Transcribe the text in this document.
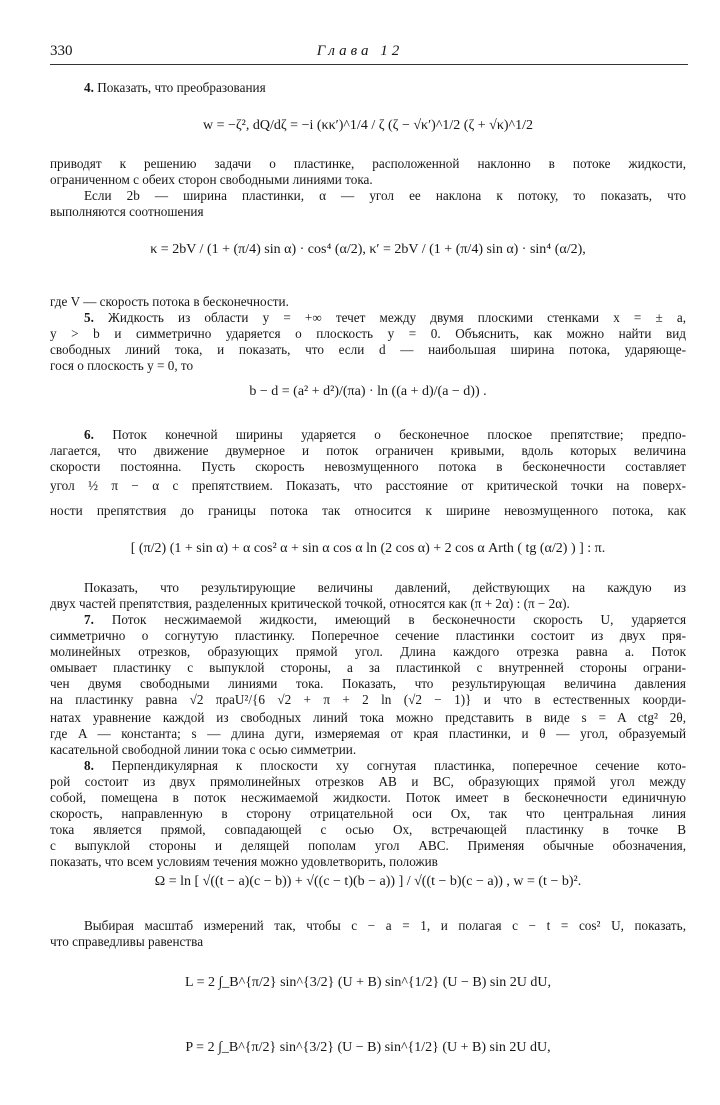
330	Глава 12

4. Показать, что преобразования

w = −ζ², dQ/dζ = −i (κκ′)^1/4 / ζ (ζ − √κ′)^1/2 (ζ + √κ)^1/2

приводят к решению задачи о пластинке, расположенной наклонно в потоке жидкости,

ограниченном с обеих сторон свободными линиями тока.

Если 2b — ширина пластинки, α — угол ее наклона к потоку, то показать, что

выполняются соотношения

κ = 2bV / (1 + (π/4) sin α) · cos⁴ (α/2), κ′ = 2bV / (1 + (π/4) sin α) · sin⁴ (α/2),

где V — скорость потока в бесконечности.

5. Жидкость из области y = +∞ течет между двумя плоскими стенками x = ± a,

y > b и симметрично ударяется о плоскость y = 0. Объяснить, как можно найти вид

свободных линий тока, и показать, что если d — наибольшая ширина потока, ударяюще-

гося о плоскость y = 0, то

b − d = (a² + d²)/(πa) · ln ((a + d)/(a − d)) .

6. Поток конечной ширины ударяется о бесконечное плоское препятствие; предпо-

лагается, что движение двумерное и поток ограничен кривыми, вдоль которых величина

скорости постоянна. Пусть скорость невозмущенного потока в бесконечности составляет

угол ½ π − α с препятствием. Показать, что расстояние от критической точки на поверх-

ности препятствия до границы потока так относится к ширине невозмущенного потока, как

[ (π/2) (1 + sin α) + α cos² α + sin α cos α ln (2 cos α) + 2 cos α Arth ( tg (α/2) ) ] : π.

Показать, что результирующие величины давлений, действующих на каждую из

двух частей препятствия, разделенных критической точкой, относятся как (π + 2α) : (π − 2α).

7. Поток несжимаемой жидкости, имеющий в бесконечности скорость U, ударяется

симметрично о согнутую пластинку. Поперечное сечение пластинки состоит из двух пря-

молинейных отрезков, образующих прямой угол. Длина каждого отрезка равна a. Поток

омывает пластинку с выпуклой стороны, а за пластинкой с внутренней стороны ограни-

чен двумя свободными линиями тока. Показать, что результирующая величина давления

на пластинку равна √2 πρaU²/{6 √2 + π + 2 ln (√2 − 1)} и что в естественных коорди-

натах уравнение каждой из свободных линий тока можно представить в виде s = A ctg² 2θ,

где A — константа; s — длина дуги, измеряемая от края пластинки, и θ — угол, образуемый

касательной свободной линии тока с осью симметрии.

8. Перпендикулярная к плоскости xy согнутая пластинка, поперечное сечение кото-

рой состоит из двух прямолинейных отрезков AB и BC, образующих прямой угол между

собой, помещена в поток несжимаемой жидкости. Поток имеет в бесконечности единичную

скорость, направленную в сторону отрицательной оси Ox, так что центральная линия

тока является прямой, совпадающей с осью Ox, встречающей пластинку в точке B

с выпуклой стороны и делящей пополам угол ABC. Применяя обычные обозначения,

показать, что всем условиям течения можно удовлетворить, положив

Ω = ln [ √((t − a)(c − b)) + √((c − t)(b − a)) ] / √((t − b)(c − a)) , w = (t − b)².

Выбирая масштаб измерений так, чтобы c − a = 1, и полагая c − t = cos² U, показать,

что справедливы равенства

L = 2 ∫_B^{π/2} sin^{3/2} (U + B) sin^{1/2} (U − B) sin 2U dU,

P = 2 ∫_B^{π/2} sin^{3/2} (U − B) sin^{1/2} (U + B) sin 2U dU,
